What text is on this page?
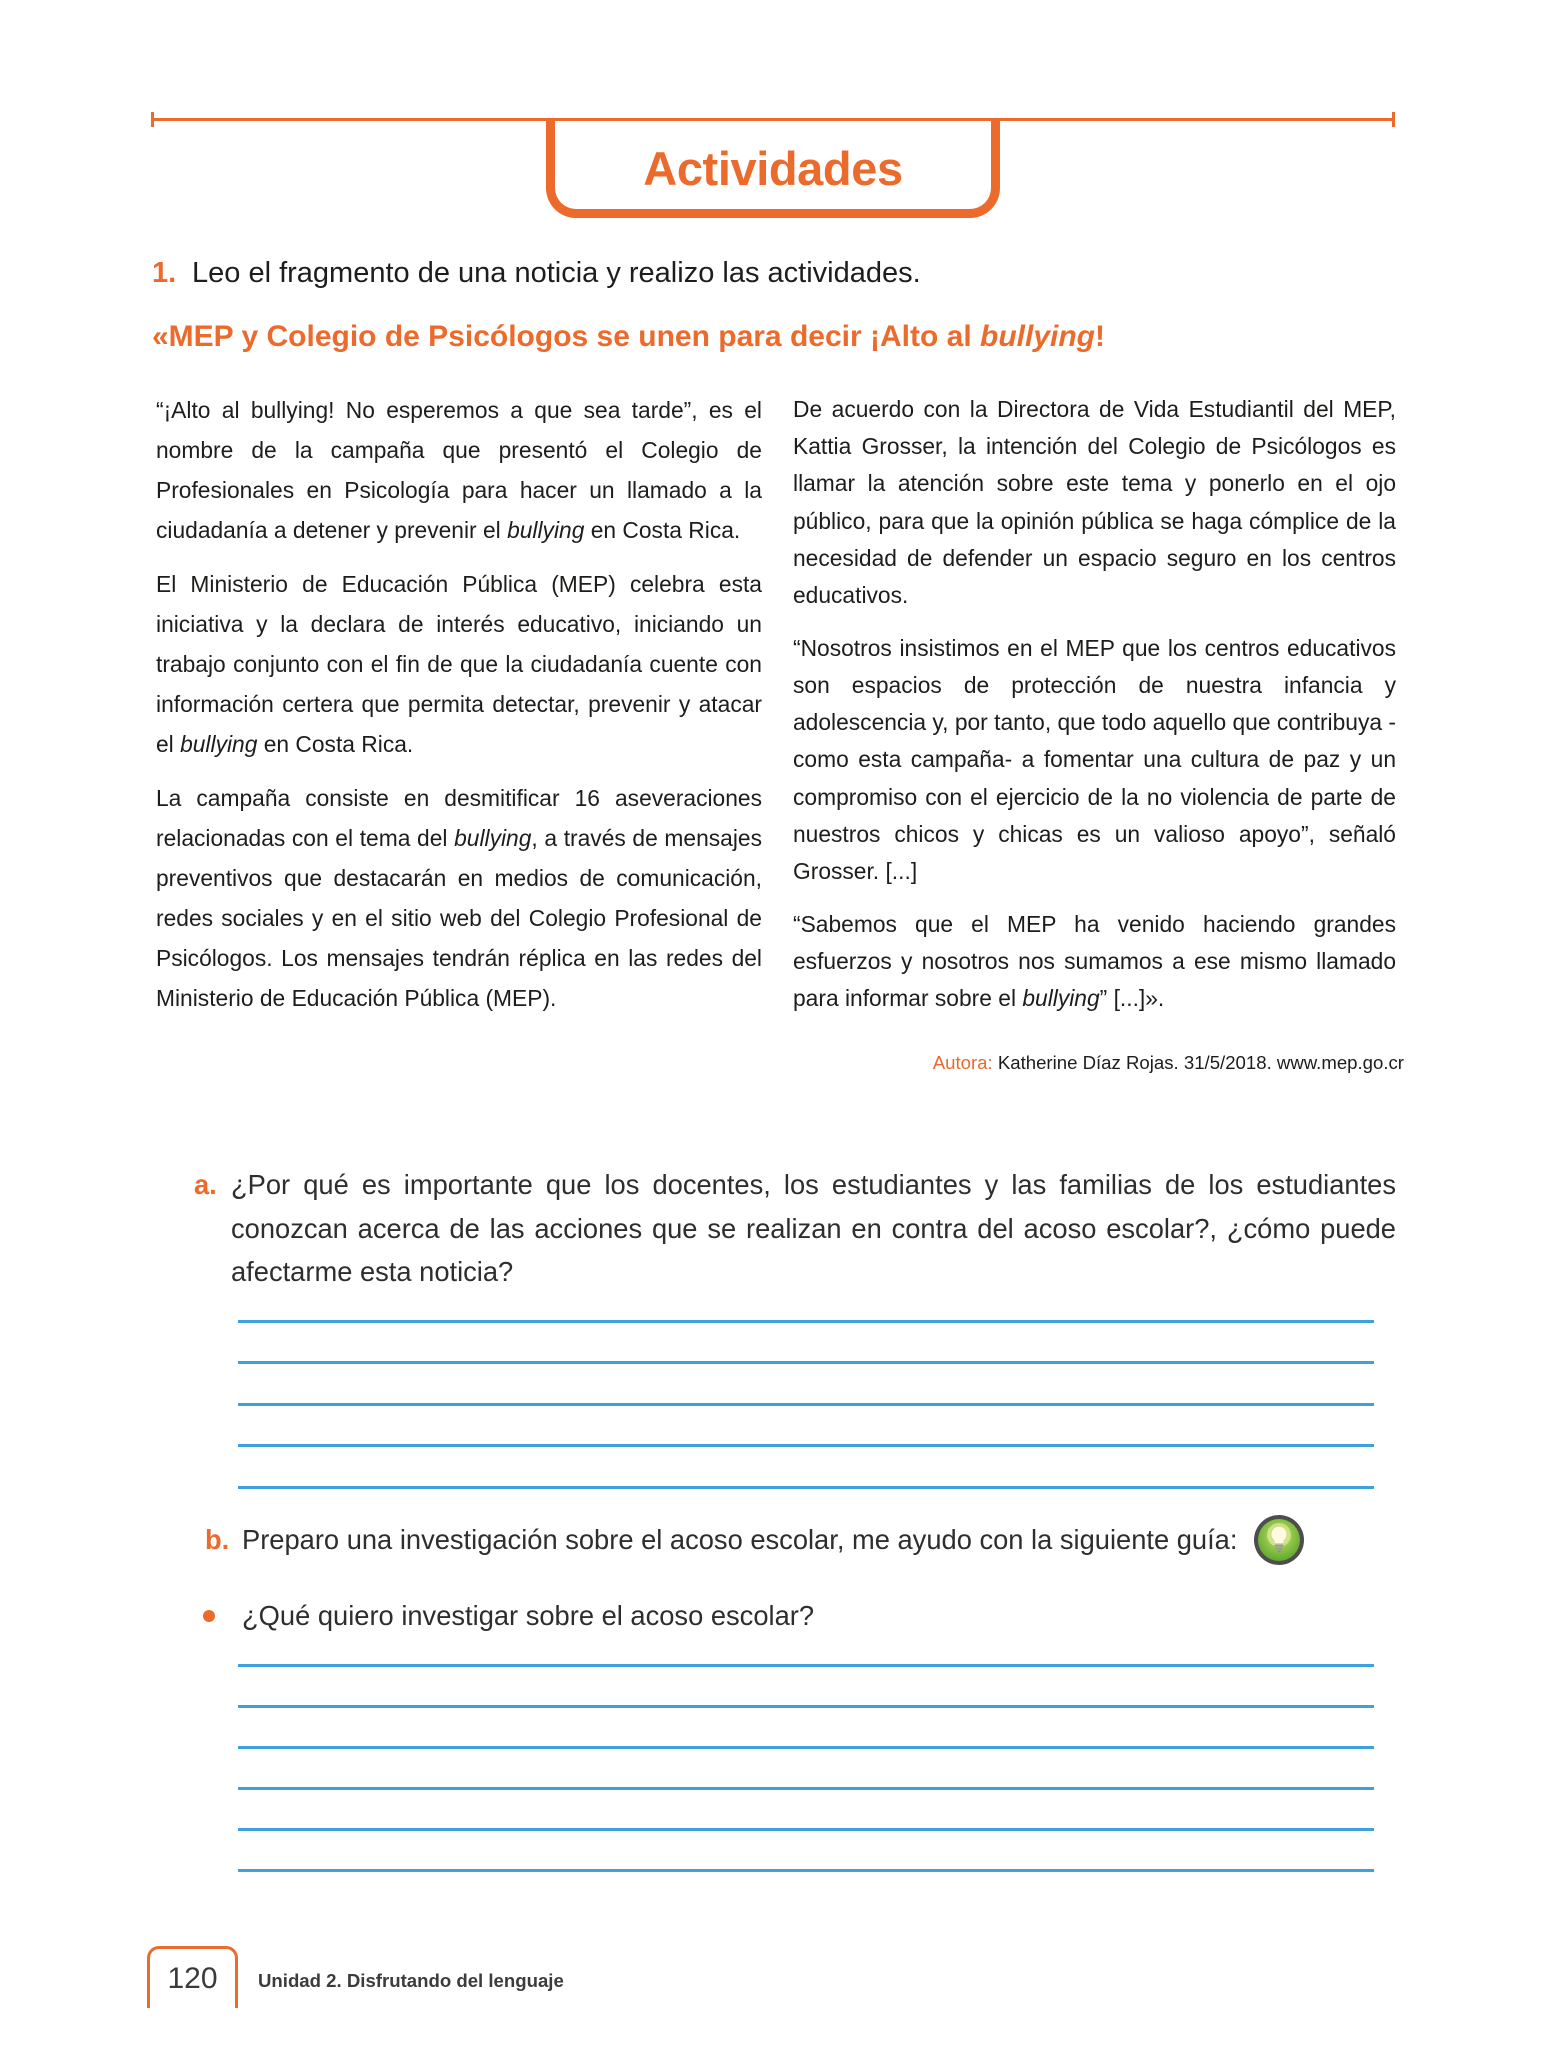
Actividades
1. Leo el fragmento de una noticia y realizo las actividades.
«MEP y Colegio de Psicólogos se unen para decir ¡Alto al bullying!

“¡Alto al bullying! No esperemos a que sea tarde”, es el nombre de la campaña que presentó el Colegio de Profesionales en Psicología para hacer un llamado a la ciudadanía a detener y prevenir el bullying en Costa Rica.

El Ministerio de Educación Pública (MEP) celebra esta iniciativa y la declara de interés educativo, iniciando un trabajo conjunto con el fin de que la ciudadanía cuente con información certera que permita detectar, prevenir y atacar el bullying en Costa Rica.

La campaña consiste en desmitificar 16 aseveraciones relacionadas con el tema del bullying, a través de mensajes preventivos que destacarán en medios de comunicación, redes sociales y en el sitio web del Colegio Profesional de Psicólogos. Los mensajes tendrán réplica en las redes del Ministerio de Educación Pública (MEP).

De acuerdo con la Directora de Vida Estudiantil del MEP, Kattia Grosser, la intención del Colegio de Psicólogos es llamar la atención sobre este tema y ponerlo en el ojo público, para que la opinión pública se haga cómplice de la necesidad de defender un espacio seguro en los centros educativos.

“Nosotros insistimos en el MEP que los centros educativos son espacios de protección de nuestra infancia y adolescencia y, por tanto, que todo aquello que contribuya -como esta campaña- a fomentar una cultura de paz y un compromiso con el ejercicio de la no violencia de parte de nuestros chicos y chicas es un valioso apoyo”, señaló Grosser. [...]

“Sabemos que el MEP ha venido haciendo grandes esfuerzos y nosotros nos sumamos a ese mismo llamado para informar sobre el bullying” [...]».

Autora: Katherine Díaz Rojas. 31/5/2018. www.mep.go.cr
a. ¿Por qué es importante que los docentes, los estudiantes y las familias de los estudiantes conozcan acerca de las acciones que se realizan en contra del acoso escolar?, ¿cómo puede afectarme esta noticia?
b. Preparo una investigación sobre el acoso escolar, me ayudo con la siguiente guía:
¿Qué quiero investigar sobre el acoso escolar?
120	Unidad 2. Disfrutando del lenguaje
